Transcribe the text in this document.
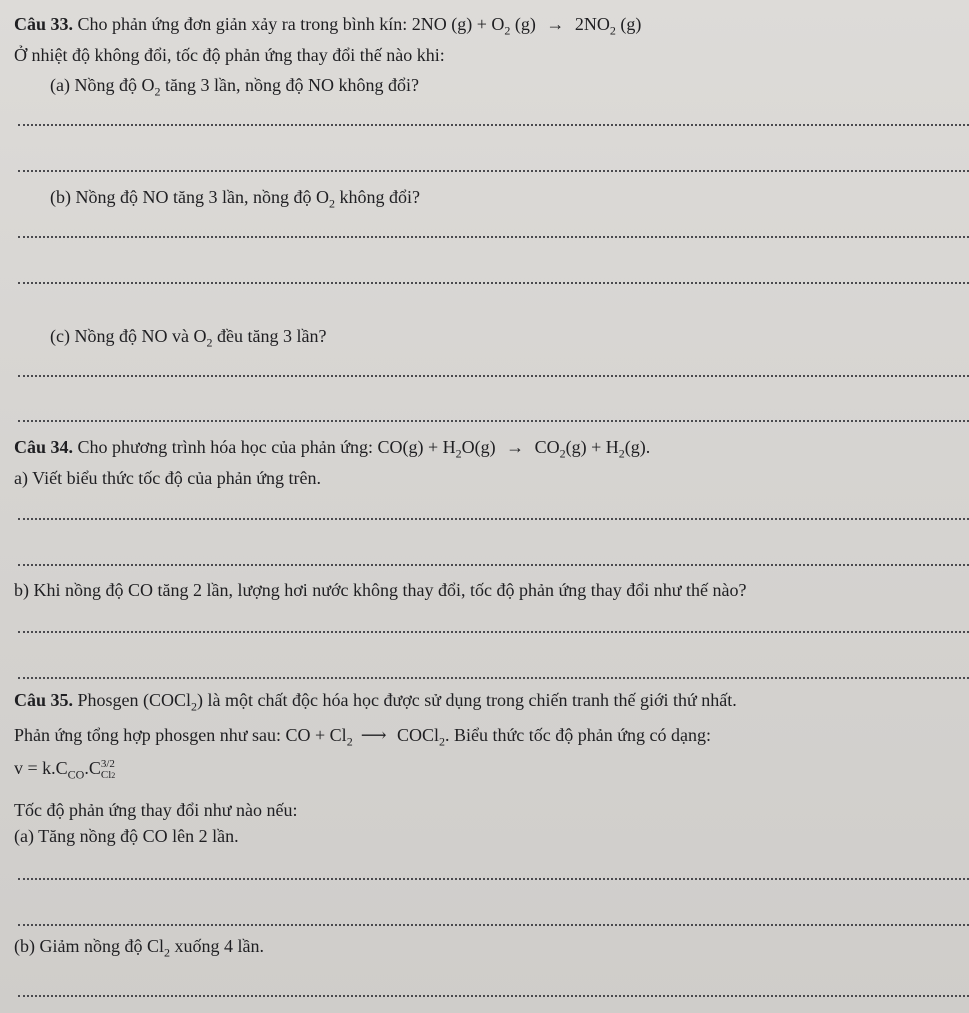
Câu 33. Cho phản ứng đơn giản xảy ra trong bình kín: 2NO $(g) + O_2$ $(g) \to 2NO_2$ (g)
Ở nhiệt độ không đổi, tốc độ phản ứng thay đổi thế nào khi:
(a) Nồng độ $O_2$ tăng 3 lần, nồng độ NO không đổi?
(b) Nồng độ NO tăng 3 lần, nồng độ $O_2$ không đổi?
(c) Nồng độ NO và $O_2$ đều tăng 3 lần?
Câu 34. Cho phương trình hóa học của phản ứng: $CO(g) + H_2O(g) \to CO_2(g) + H_2(g)$.
a) Viết biểu thức tốc độ của phản ứng trên.
b) Khi nồng độ CO tăng 2 lần, lượng hơi nước không thay đổi, tốc độ phản ứng thay đổi như thế nào?
Câu 35. Phosgen (COCl$_2$) là một chất độc hóa học được sử dụng trong chiến tranh thế giới thứ nhất.
Phản ứng tổng hợp phosgen như sau: CO + $Cl_2$ ⟶ COCl$_2$. Biểu thức tốc độ phản ứng có dạng:
$v = k.C_{CO}.C$ 3/2
Cl2
Tốc độ phản ứng thay đổi như nào nếu:
(a) Tăng nồng độ CO lên 2 lần.
(b) Giảm nồng độ $Cl_2$ xuống 4 lần.
